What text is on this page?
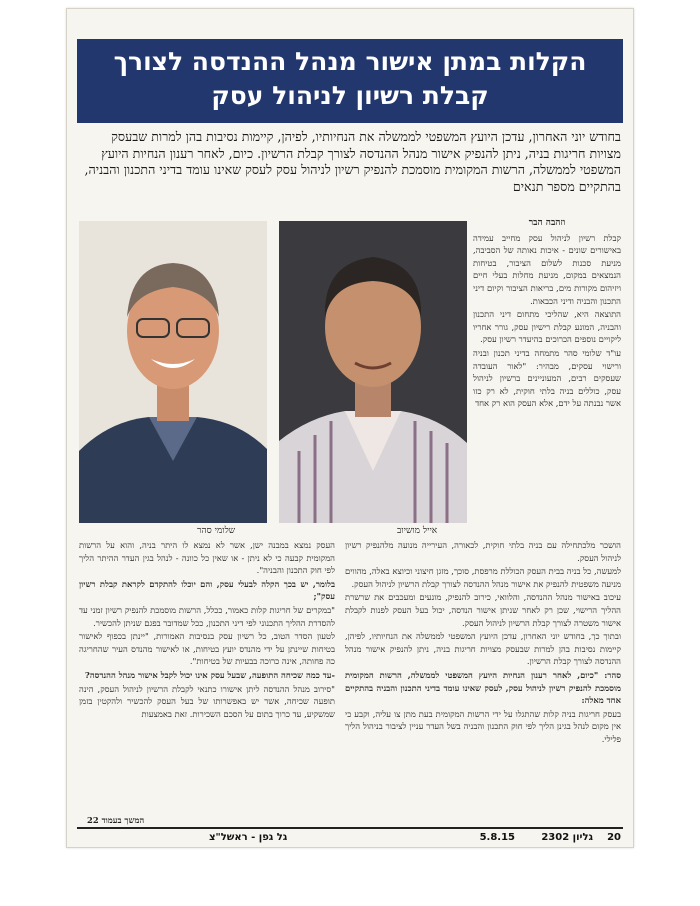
הקלות במתן אישור מנהל ההנדסה לצורך
קבלת רשיון לניהול עסק
בחודש יוני האחרון, עדכן היועץ המשפטי לממשלה את הנחיותיו, לפיהן, קיימות נסיבות בהן למרות שבעסק מצויות חריגות בניה, ניתן להנפיק אישור מנהל ההנדסה לצורך קבלת הרשיון. כיום, לאחר רענון הנחיות היועץ המשפטי לממשלה, הרשות המקומית מוסמכת להנפיק רשיון לניהול עסק לעסק שאינו עומד בדיני התכנון והבניה, בהתקיים מספר תנאים
שלומי סהר	אייל מושיוב
וזהבה הבר

קבלת רשיון לניהול עסק מחייב עמידה באישורים שונים - איכות נאותה של הסביבה, מניעת סכנות לשלום הציבור, בטיחות הנמצאים במקום, מניעת מחלות בעלי חיים ויזיהום מקורות מים, בריאות הציבור וקיום דיני התכנון והבניה ודיני הכבאות.

התוצאה היא, שהליכי מתחום דיני התכנון והבניה, המונע קבלת רישיון עסק, גורר אחריו ליקויים נוספים הכרוכים בהיעדר רשיון עסק.

עו"ד שלומי סהר מתמחה בדיני תכנון ובניה ורישוי עסקים, מבהיר: "לאור העובדה שעסקים רבים, המעוניינים ברשיון לניהול עסק, כוללים בניה בלתי חוקית, לא רק כזו אשר נבנתה על ידם, אלא העסק הוא רק אחד

הושכר מלכתחילה עם בניה בלתי חוקית, לכאורה, העירייה מנועה מלהנפיק רשיון לניהול העסק.

למעשה, כל בניה בבית העסק הכוללת מרפסת, סוכך, מזגן חיצוני וכיוצא באלה, מהווים מניעה משפטית להנפיק את אישור מנהל ההנדסה לצורך קבלת הרשיון לניהול העסק.

עיכוב באישור מנהל ההנדסה, והלוואי, כירוב להנפיק, מונעים ומעכבים את שרשרת ההליך הרישוי, שכן רק לאחר שניתן אישור הנדסה, יכול בעל העסק לפנות לקבלת אישור משטרה לצורך קבלת הרשיון לניהול העסק.

ובתוך כך, בחודש יוני האחרון, עדכן היועץ המשפטי לממשלה את הנחיותיו, לפיהן, קיימות נסיבות בהן למרות שבעסק מצויות חריגות בניה, ניתן להנפיק אישור מנהל ההנדסה לצורך קבלת הרשיון.

סהר: "כיום, לאחר רענון הנחיות היועץ המשפטי לממשלה, הרשות המקומית מוסמכת להנפיק רשיון לניהול עסק, לעסק שאינו עומד בדיני התכנון והבניה בהתקיים אחד מאלה:

בעסק חריגות בניה קלות שהתגלו על ידי הרשות המקומית בעת מתן צו עליה, וקבע כי אין מקום לנהל בגינן הליך לפי חוק התכנון והבניה בשל העדר עניין לציבור בניהול הליך פלילי.

העסק נמצא במבנה ישן, אשר לא נמצא לו היתר בניה, והוא על הרשות המקומית קבעה כי לא ניתן - או שאין כל כוונה - לנהל בגין העדר ההיתר הליך לפי חוק התכנון והבניה".

בלומר, יש בכך הקלה לבעלי עסק, והם יוכלו להתקדם לקראת קבלת רשיון עסק";

"במקרים של חריגות קלות כאמור, ככלל, הרשות מוסמכת להנפיק רשיון זמני עד להסדרת ההליך התכנוני לפי דיני התכנון, ככל שמדובר בפגם שניתן להכשיר.

לטעון הסדר הטוב, כל רשיון עסק בנסיבות האמורות, "יינתן בכפוף לאישור בטיחות שיינתן על ידי מהנדס יועץ בטיחות, או לאישור מהנדס העיר שהחריגה כה פחותה, אינה כרוכה בבעיות של בטיחות".

-עד כמה שכיחה התופעה, שבעל עסק אינו יכול לקבל אישור מנהל ההנדסה?

"סירוב מנהל ההנדסה ליתן אישורו כתנאי לקבלת הרשיון לניהול העסק, הינה תופעה שכיחה, אשר יש באפשרותו של בעל העסק להכשיר ולהקטין בזמן שמשקיע, עד כרוך בתום על הסכם השכירות. זאת באמצעות

המשך בעמוד 22
20
גליון 2302
5.8.15
גל גפן - ראשל"צ
